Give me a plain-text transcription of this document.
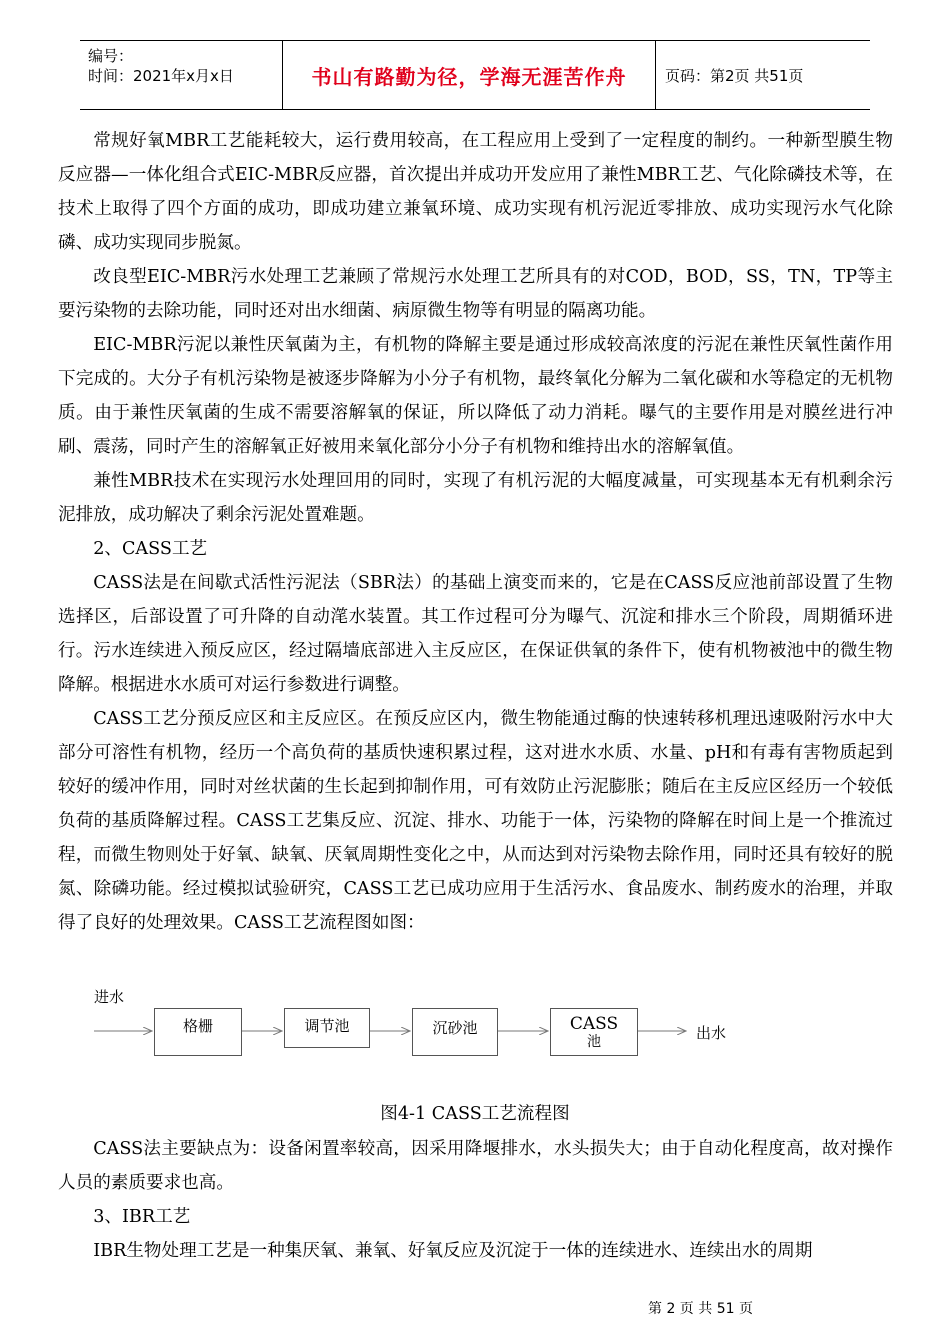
编号：
时间：2021年x月x日	书山有路勤为径，学海无涯苦作舟	页码：第2页 共51页

常规好氧MBR工艺能耗较大，运行费用较高，在工程应用上受到了一定程度的制约。一种新型膜生物反应器—一体化组合式EIC-MBR反应器，首次提出并成功开发应用了兼性MBR工艺、气化除磷技术等，在技术上取得了四个方面的成功，即成功建立兼氧环境、成功实现有机污泥近零排放、成功实现污水气化除磷、成功实现同步脱氮。

改良型EIC-MBR污水处理工艺兼顾了常规污水处理工艺所具有的对COD，BOD，SS，TN，TP等主要污染物的去除功能，同时还对出水细菌、病原微生物等有明显的隔离功能。

EIC-MBR污泥以兼性厌氧菌为主，有机物的降解主要是通过形成较高浓度的污泥在兼性厌氧性菌作用下完成的。大分子有机污染物是被逐步降解为小分子有机物，最终氧化分解为二氧化碳和水等稳定的无机物质。由于兼性厌氧菌的生成不需要溶解氧的保证，所以降低了动力消耗。曝气的主要作用是对膜丝进行冲刷、震荡，同时产生的溶解氧正好被用来氧化部分小分子有机物和维持出水的溶解氧值。

兼性MBR技术在实现污水处理回用的同时，实现了有机污泥的大幅度减量，可实现基本无有机剩余污泥排放，成功解决了剩余污泥处置难题。

2、CASS工艺

CASS法是在间歇式活性污泥法（SBR法）的基础上演变而来的，它是在CASS反应池前部设置了生物选择区，后部设置了可升降的自动滗水装置。其工作过程可分为曝气、沉淀和排水三个阶段，周期循环进行。污水连续进入预反应区，经过隔墙底部进入主反应区，在保证供氧的条件下，使有机物被池中的微生物降解。根据进水水质可对运行参数进行调整。

CASS工艺分预反应区和主反应区。在预反应区内，微生物能通过酶的快速转移机理迅速吸附污水中大部分可溶性有机物，经历一个高负荷的基质快速积累过程，这对进水水质、水量、pH和有毒有害物质起到较好的缓冲作用，同时对丝状菌的生长起到抑制作用，可有效防止污泥膨胀；随后在主反应区经历一个较低负荷的基质降解过程。CASS工艺集反应、沉淀、排水、功能于一体，污染物的降解在时间上是一个推流过程，而微生物则处于好氧、缺氧、厌氧周期性变化之中，从而达到对污染物去除作用，同时还具有较好的脱氮、除磷功能。经过模拟试验研究，CASS工艺已成功应用于生活污水、食品废水、制药废水的治理，并取得了良好的处理效果。CASS工艺流程图如图：

进水
格栅	调节池	沉砂池	CASS
池	出水
图4-1 CASS工艺流程图

CASS法主要缺点为：设备闲置率较高，因采用降堰排水，水头损失大；由于自动化程度高，故对操作人员的素质要求也高。

3、IBR工艺

IBR生物处理工艺是一种集厌氧、兼氧、好氧反应及沉淀于一体的连续进水、连续出水的周期

第 2 页 共 51 页
